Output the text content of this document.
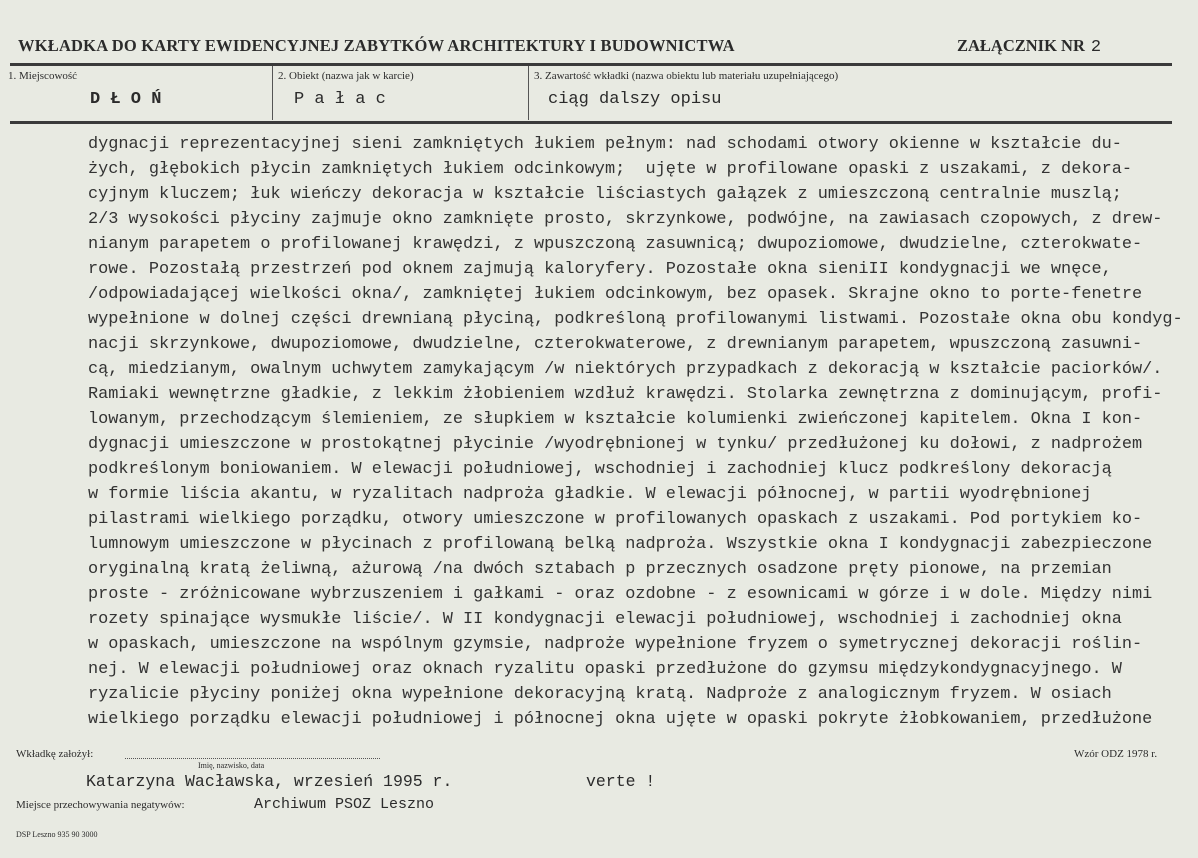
WKŁADKA DO KARTY EWIDENCYJNEJ ZABYTKÓW ARCHITEKTURY I BUDOWNICTWA	ZAŁĄCZNIK NR 2
1. Miejscowość
D Ł O Ń
2. Obiekt (nazwa jak w karcie)
P a ł a c
3. Zawartość wkładki (nazwa obiektu lub materiału uzupełniającego)
ciąg dalszy opisu
dygnacji reprezentacyjnej sieni zamkniętych łukiem pełnym: nad schodami otwory okienne w kształcie du-
żych, głębokich płycin zamkniętych łukiem odcinkowym;  ujęte w profilowane opaski z uszakami, z dekora-
cyjnym kluczem; łuk wieńczy dekoracja w kształcie liściastych gałązek z umieszczoną centralnie muszlą;
2/3 wysokości płyciny zajmuje okno zamknięte prosto, skrzynkowe, podwójne, na zawiasach czopowych, z drew-
nianym parapetem o profilowanej krawędzi, z wpuszczoną zasuwnicą; dwupoziomowe, dwudzielne, czterokwate-
rowe. Pozostałą przestrzeń pod oknem zajmują kaloryfery. Pozostałe okna sieniII kondygnacji we wnęce,
/odpowiadającej wielkości okna/, zamkniętej łukiem odcinkowym, bez opasek. Skrajne okno to porte-fenetre
wypełnione w dolnej części drewnianą płyciną, podkreśloną profilowanymi listwami. Pozostałe okna obu kondyg-
nacji skrzynkowe, dwupoziomowe, dwudzielne, czterokwaterowe, z drewnianym parapetem, wpuszczoną zasuwni-
cą, miedzianym, owalnym uchwytem zamykającym /w niektórych przypadkach z dekoracją w kształcie paciorków/.
Ramiaki wewnętrzne gładkie, z lekkim żłobieniem wzdłuż krawędzi. Stolarka zewnętrzna z dominującym, profi-
lowanym, przechodzącym ślemieniem, ze słupkiem w kształcie kolumienki zwieńczonej kapitelem. Okna I kon-
dygnacji umieszczone w prostokątnej płycinie /wyodrębnionej w tynku/ przedłużonej ku dołowi, z nadprożem
podkreślonym boniowaniem. W elewacji południowej, wschodniej i zachodniej klucz podkreślony dekoracją
w formie liścia akantu, w ryzalitach nadproża gładkie. W elewacji północnej, w partii wyodrębnionej
pilastrami wielkiego porządku, otwory umieszczone w profilowanych opaskach z uszakami. Pod portykiem ko-
lumnowym umieszczone w płycinach z profilowaną belką nadproża. Wszystkie okna I kondygnacji zabezpieczone
oryginalną kratą żeliwną, ażurową /na dwóch sztabach p przecznych osadzone pręty pionowe, na przemian
proste - zróżnicowane wybrzuszeniem i gałkami - oraz ozdobne - z esownicami w górze i w dole. Między nimi
rozety spinające wysmukłe liście/. W II kondygnacji elewacji południowej, wschodniej i zachodniej okna
w opaskach, umieszczone na wspólnym gzymsie, nadproże wypełnione fryzem o symetrycznej dekoracji roślin-
nej. W elewacji południowej oraz oknach ryzalitu opaski przedłużone do gzymsu międzykondygnacyjnego. W
ryzalicie płyciny poniżej okna wypełnione dekoracyjną kratą. Nadproże z analogicznym fryzem. W osiach
wielkiego porządku elewacji południowej i północnej okna ujęte w opaski pokryte żłobkowaniem, przedłużone
Wkładkę założył:
Imię, nazwisko, data
Katarzyna Wacławska, wrzesień 1995 r.	verte !
Wzór ODZ 1978 r.
Miejsce przechowywania negatywów:	Archiwum PSOZ Leszno
DSP Leszno 935 90 3000
